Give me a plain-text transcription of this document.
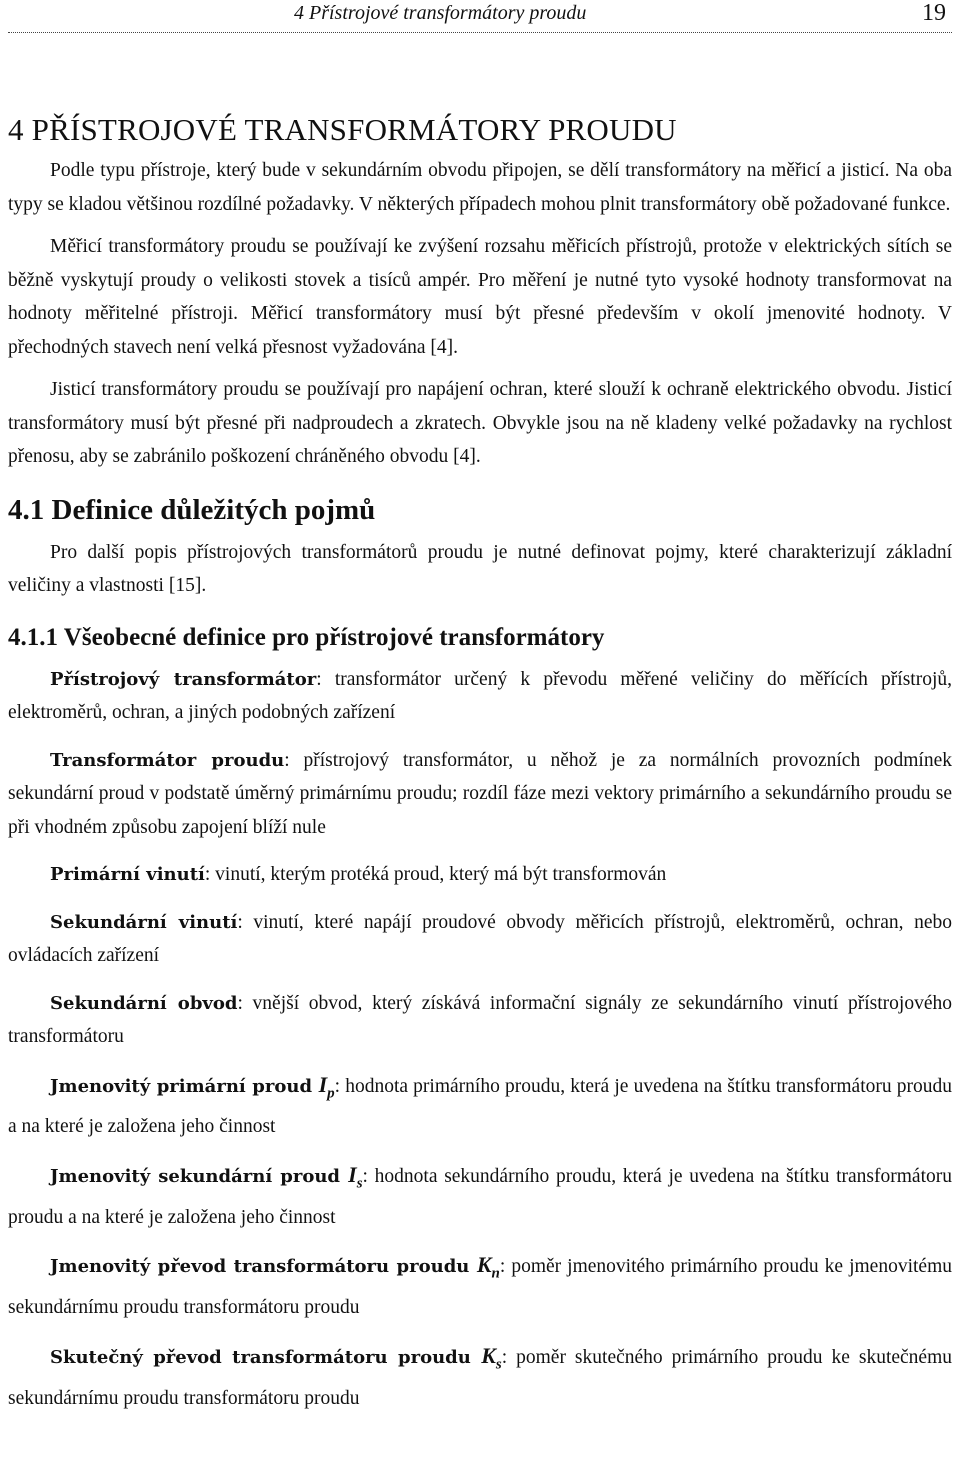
4 Přístrojové transformátory proudu	19
4 PŘÍSTROJOVÉ TRANSFORMÁTORY PROUDU

Podle typu přístroje, který bude v sekundárním obvodu připojen, se dělí transformátory na měřicí a jisticí. Na oba typy se kladou většinou rozdílné požadavky. V některých případech mohou plnit transformátory obě požadované funkce.

Měřicí transformátory proudu se používají ke zvýšení rozsahu měřicích přístrojů, protože v elektrických sítích se běžně vyskytují proudy o velikosti stovek a tisíců ampér. Pro měření je nutné tyto vysoké hodnoty transformovat na hodnoty měřitelné přístroji. Měřicí transformátory musí být přesné především v okolí jmenovité hodnoty. V přechodných stavech není velká přesnost vyžadována [4].

Jisticí transformátory proudu se používají pro napájení ochran, které slouží k ochraně elektrického obvodu. Jisticí transformátory musí být přesné při nadproudech a zkratech. Obvykle jsou na ně kladeny velké požadavky na rychlost přenosu, aby se zabránilo poškození chráněného obvodu [4].

4.1 Definice důležitých pojmů

Pro další popis přístrojových transformátorů proudu je nutné definovat pojmy, které charakterizují základní veličiny a vlastnosti [15].

4.1.1 Všeobecné definice pro přístrojové transformátory

Přístrojový transformátor: transformátor určený k převodu měřené veličiny do měřících přístrojů, elektroměrů, ochran, a jiných podobných zařízení

Transformátor proudu: přístrojový transformátor, u něhož je za normálních provozních podmínek sekundární proud v podstatě úměrný primárnímu proudu; rozdíl fáze mezi vektory primárního a sekundárního proudu se při vhodném způsobu zapojení blíží nule

Primární vinutí: vinutí, kterým protéká proud, který má být transformován

Sekundární vinutí: vinutí, které napájí proudové obvody měřicích přístrojů, elektroměrů, ochran, nebo ovládacích zařízení

Sekundární obvod: vnější obvod, který získává informační signály ze sekundárního vinutí přístrojového transformátoru

Jmenovitý primární proud $I_p$: hodnota primárního proudu, která je uvedena na štítku transformátoru proudu a na které je založena jeho činnost

Jmenovitý sekundární proud $I_s$: hodnota sekundárního proudu, která je uvedena na štítku transformátoru proudu a na které je založena jeho činnost

Jmenovitý převod transformátoru proudu $K_n$: poměr jmenovitého primárního proudu ke jmenovitému sekundárnímu proudu transformátoru proudu

Skutečný převod transformátoru proudu $K_s$: poměr skutečného primárního proudu ke skutečnému sekundárnímu proudu transformátoru proudu
